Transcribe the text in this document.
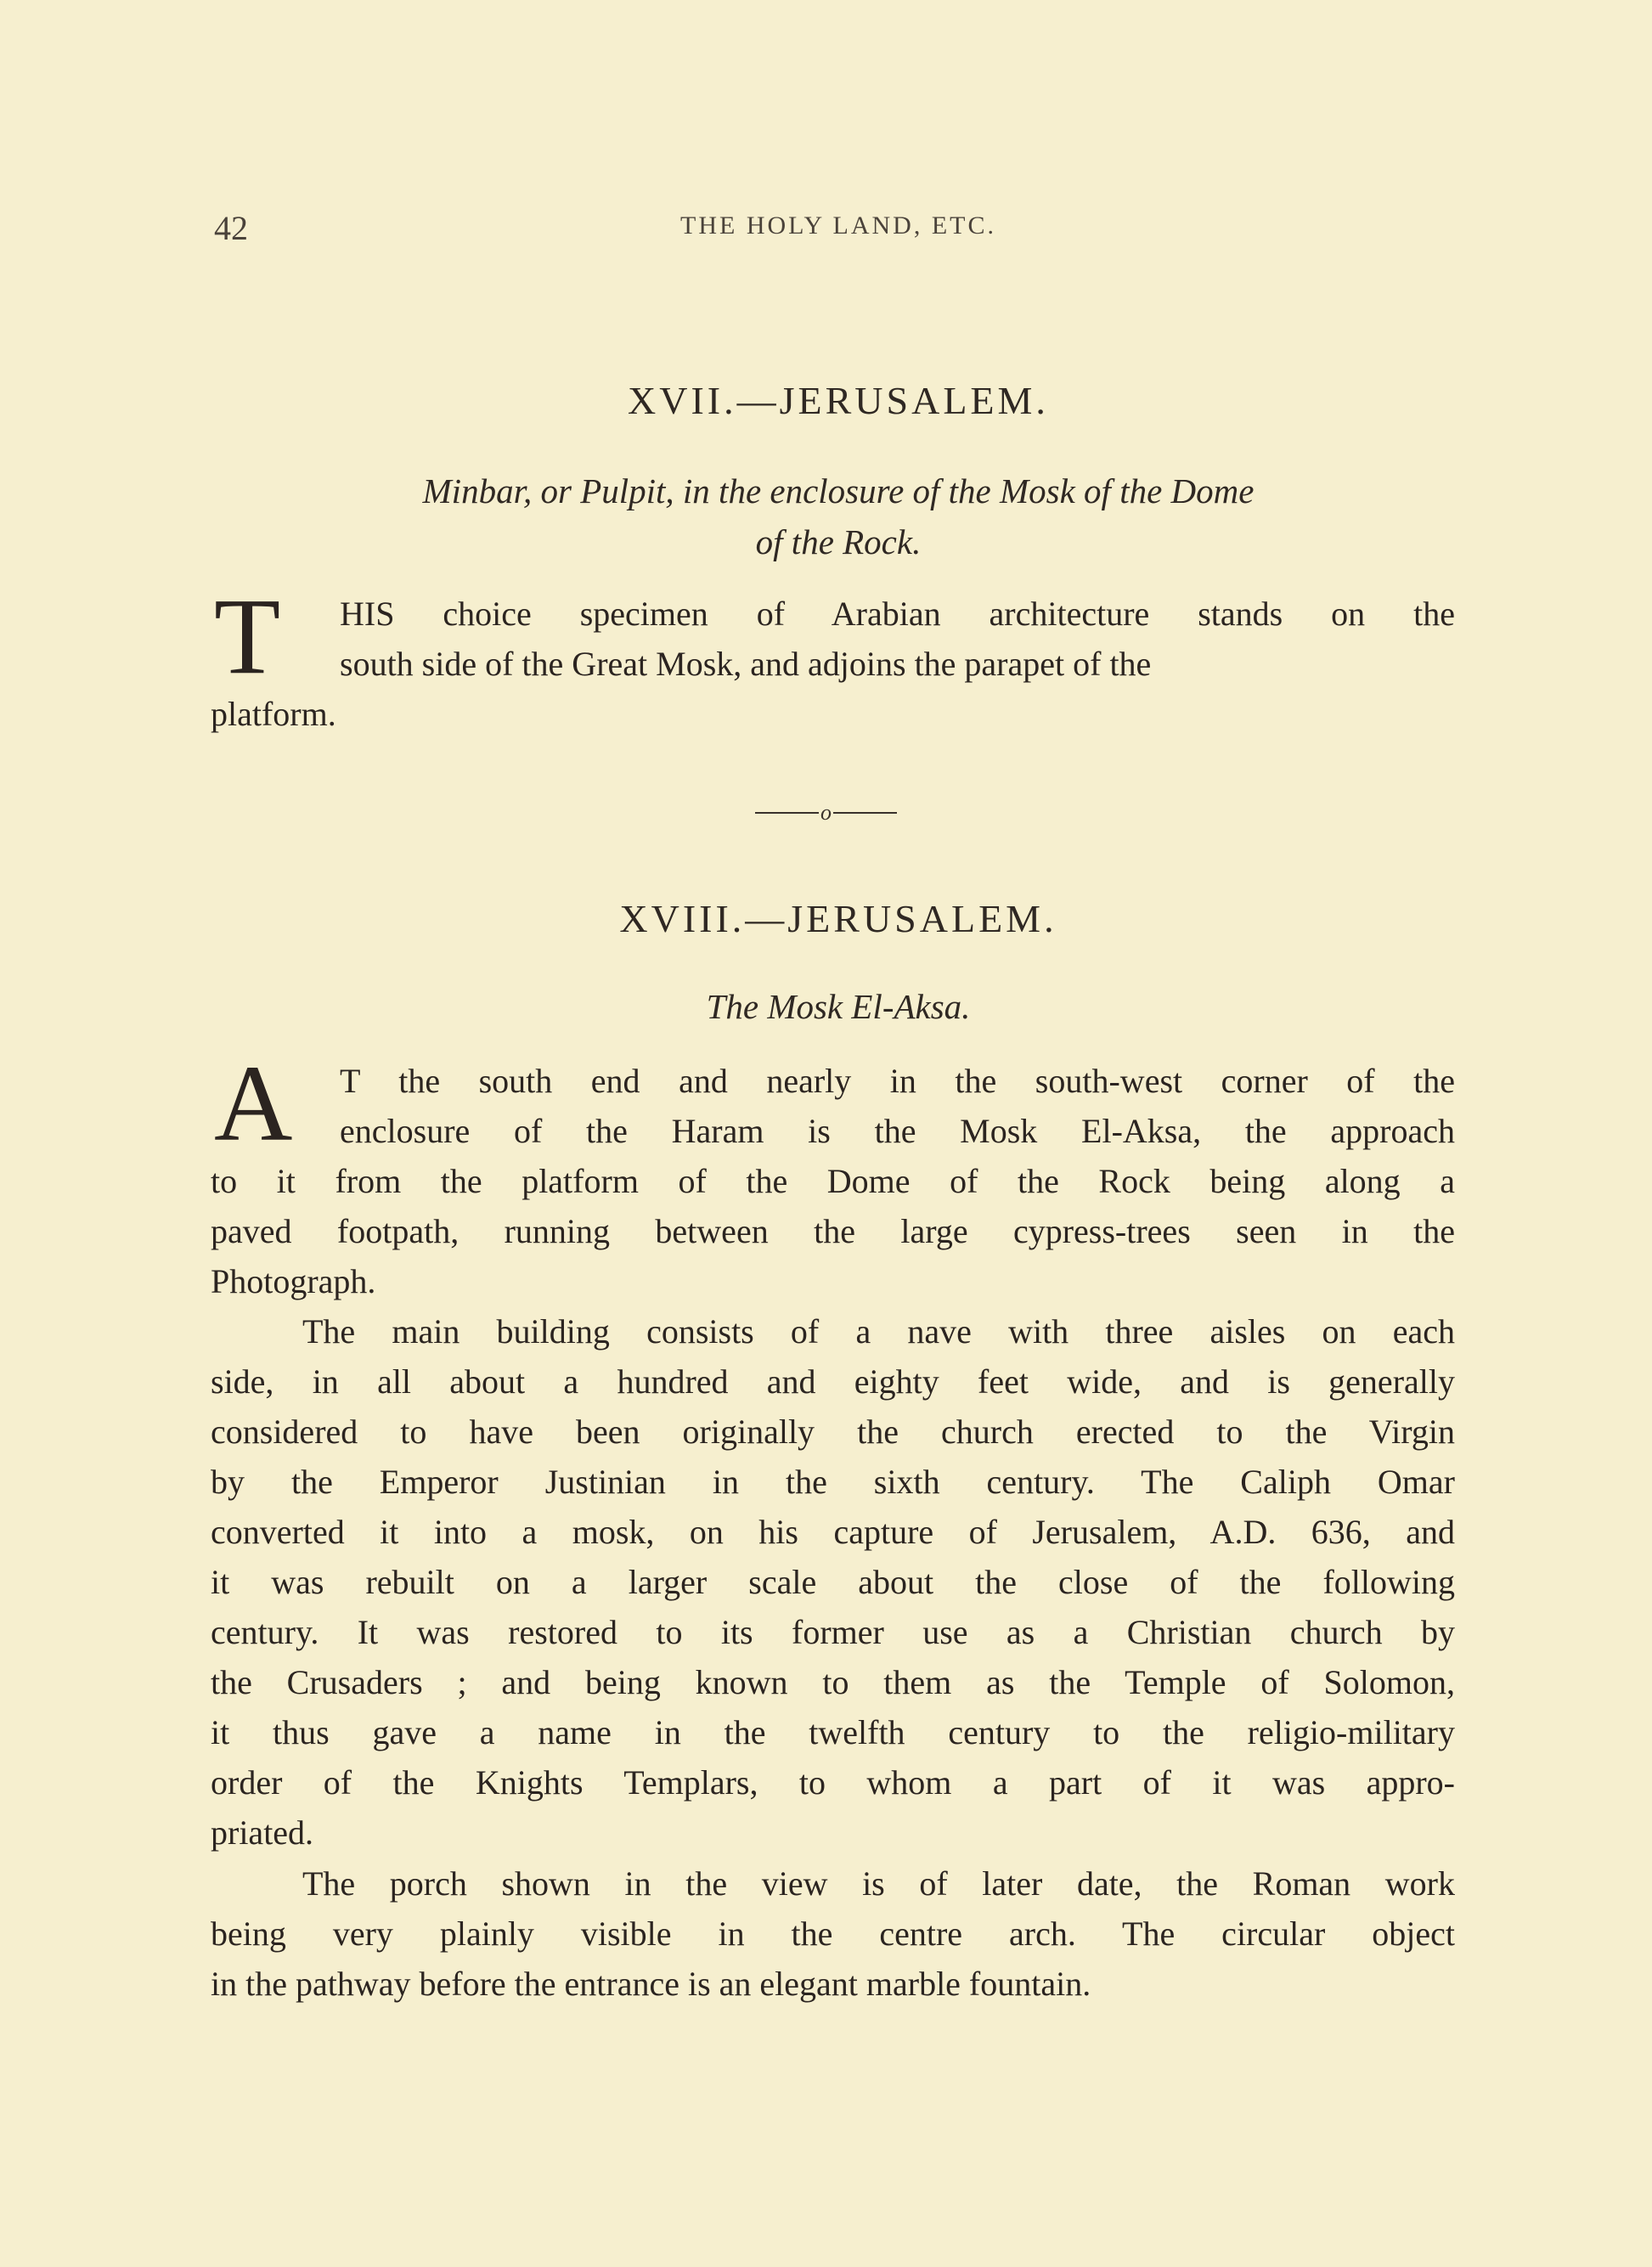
42	THE HOLY LAND, ETC.
XVII.—JERUSALEM.
Minbar, or Pulpit, in the enclosure of the Mosk of the Dome
of the Rock.
T	HIS choice specimen of Arabian architecture stands on the
south side of the Great Mosk, and adjoins the parapet of the
platform.
o
XVIII.—JERUSALEM.
The Mosk El-Aksa.
A	T the south end and nearly in the south-west corner of the
enclosure of the Haram is the Mosk El-Aksa, the approach
to it from the platform of the Dome of the Rock being along a
paved footpath, running between the large cypress-trees seen in the
Photograph.
The main building consists of a nave with three aisles on each
side, in all about a hundred and eighty feet wide, and is generally
considered to have been originally the church erected to the Virgin
by the Emperor Justinian in the sixth century. The Caliph Omar
converted it into a mosk, on his capture of Jerusalem, A.D. 636, and
it was rebuilt on a larger scale about the close of the following
century. It was restored to its former use as a Christian church by
the Crusaders ; and being known to them as the Temple of Solomon,
it thus gave a name in the twelfth century to the religio-military
order of the Knights Templars, to whom a part of it was appro-
priated.
The porch shown in the view is of later date, the Roman work
being very plainly visible in the centre arch. The circular object
in the pathway before the entrance is an elegant marble fountain.
